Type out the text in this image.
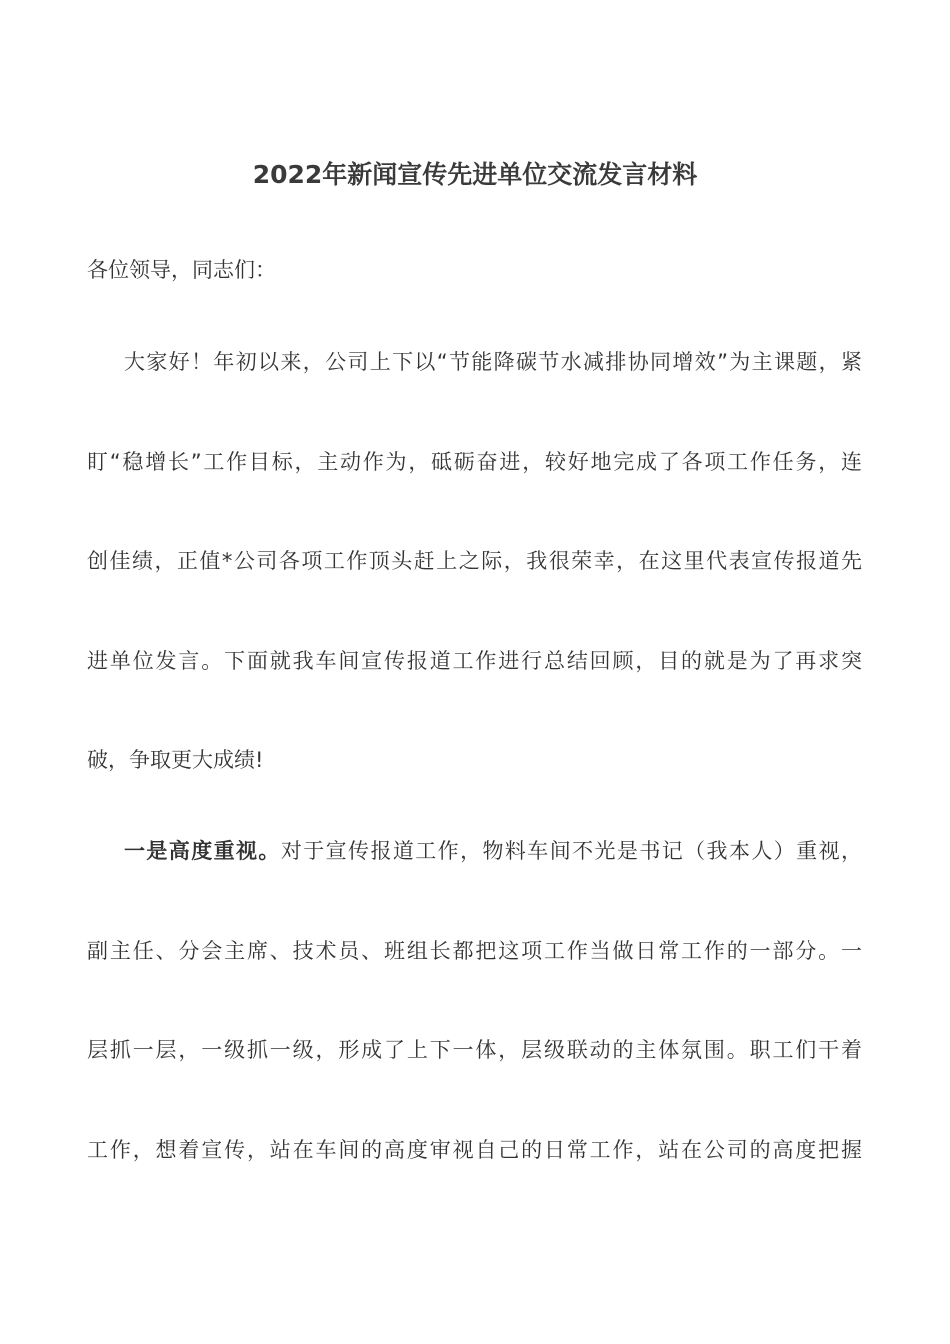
2022年新闻宣传先进单位交流发言材料
各位领导，同志们：
大家好！年初以来，公司上下以“节能降碳节水减排协同增效”为主课题，紧
盯“稳增长”工作目标，主动作为，砥砺奋进，较好地完成了各项工作任务，连
创佳绩，正值*公司各项工作顶头赶上之际，我很荣幸，在这里代表宣传报道先
进单位发言。下面就我车间宣传报道工作进行总结回顾，目的就是为了再求突
破，争取更大成绩!
一是高度重视。对于宣传报道工作，物料车间不光是书记（我本人）重视，
副主任、分会主席、技术员、班组长都把这项工作当做日常工作的一部分。一
层抓一层，一级抓一级，形成了上下一体，层级联动的主体氛围。职工们干着
工作，想着宣传，站在车间的高度审视自己的日常工作，站在公司的高度把握
